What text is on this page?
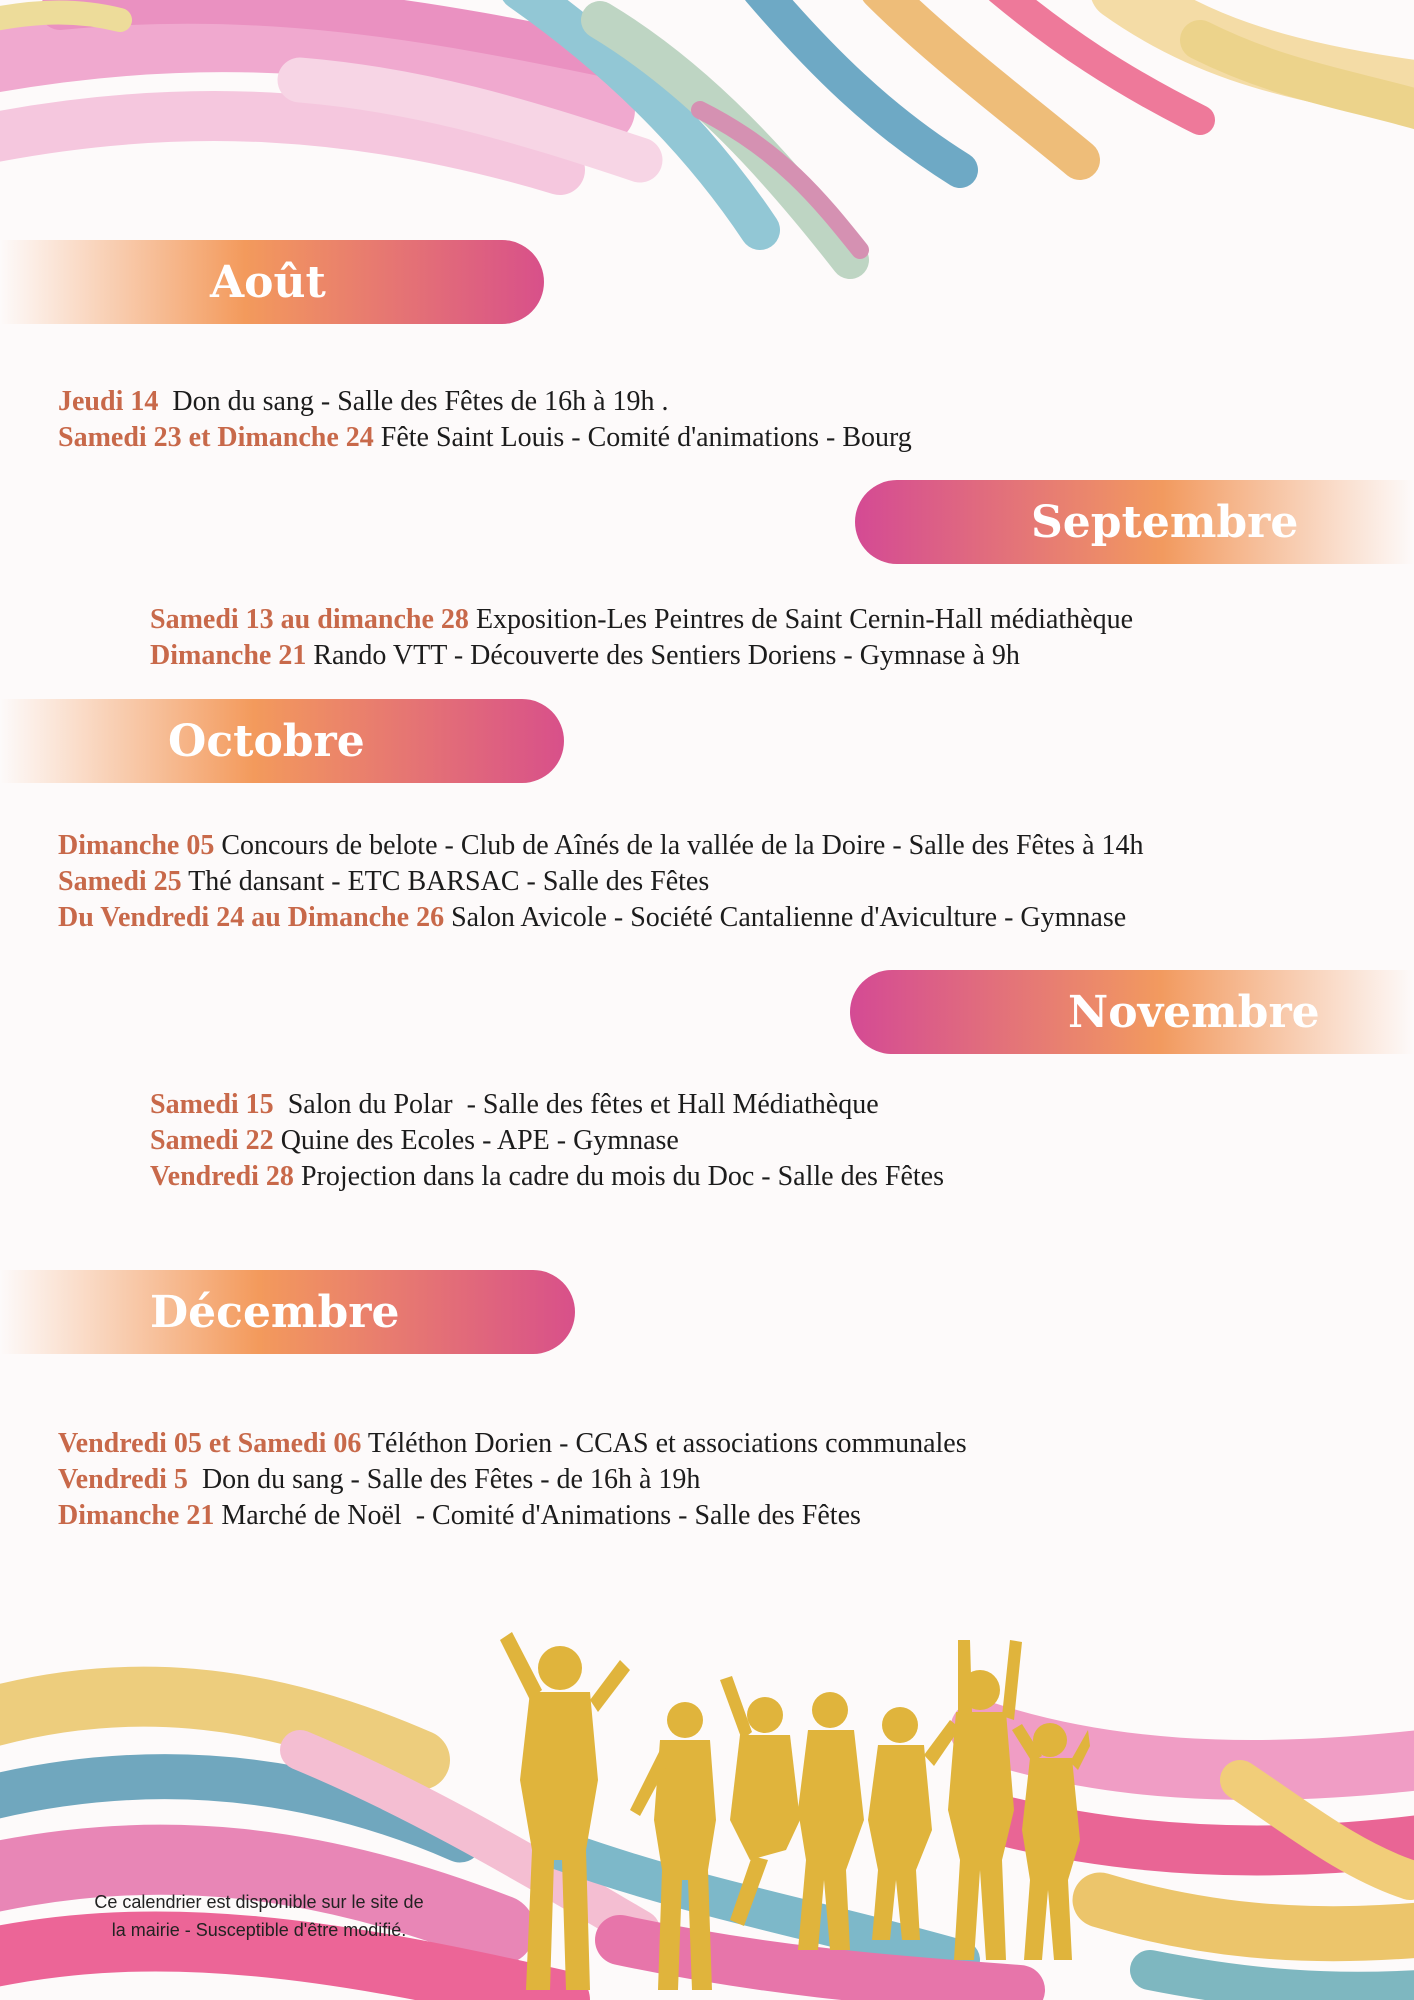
Août
Jeudi 14  Don du sang - Salle des Fêtes de 16h à 19h .
Samedi 23 et Dimanche 24 Fête Saint Louis - Comité d'animations - Bourg
Septembre
Samedi 13 au dimanche 28 Exposition-Les Peintres de Saint Cernin-Hall médiathèque
Dimanche 21 Rando VTT - Découverte des Sentiers Doriens - Gymnase à 9h
Octobre
Dimanche 05 Concours de belote - Club de Aînés de la vallée de la Doire - Salle des Fêtes à 14h
Samedi 25 Thé dansant - ETC BARSAC - Salle des Fêtes
Du Vendredi 24 au Dimanche 26 Salon Avicole - Société Cantalienne d'Aviculture - Gymnase
Novembre
Samedi 15  Salon du Polar  - Salle des fêtes et Hall Médiathèque
Samedi 22 Quine des Ecoles - APE - Gymnase
Vendredi 28 Projection dans la cadre du mois du Doc - Salle des Fêtes
Décembre
Vendredi 05 et Samedi 06 Téléthon Dorien - CCAS et associations communales
Vendredi 5  Don du sang - Salle des Fêtes - de 16h à 19h
Dimanche 21 Marché de Noël  - Comité d'Animations - Salle des Fêtes
Ce calendrier est disponible sur le site de
la mairie - Susceptible d'être modifié.
